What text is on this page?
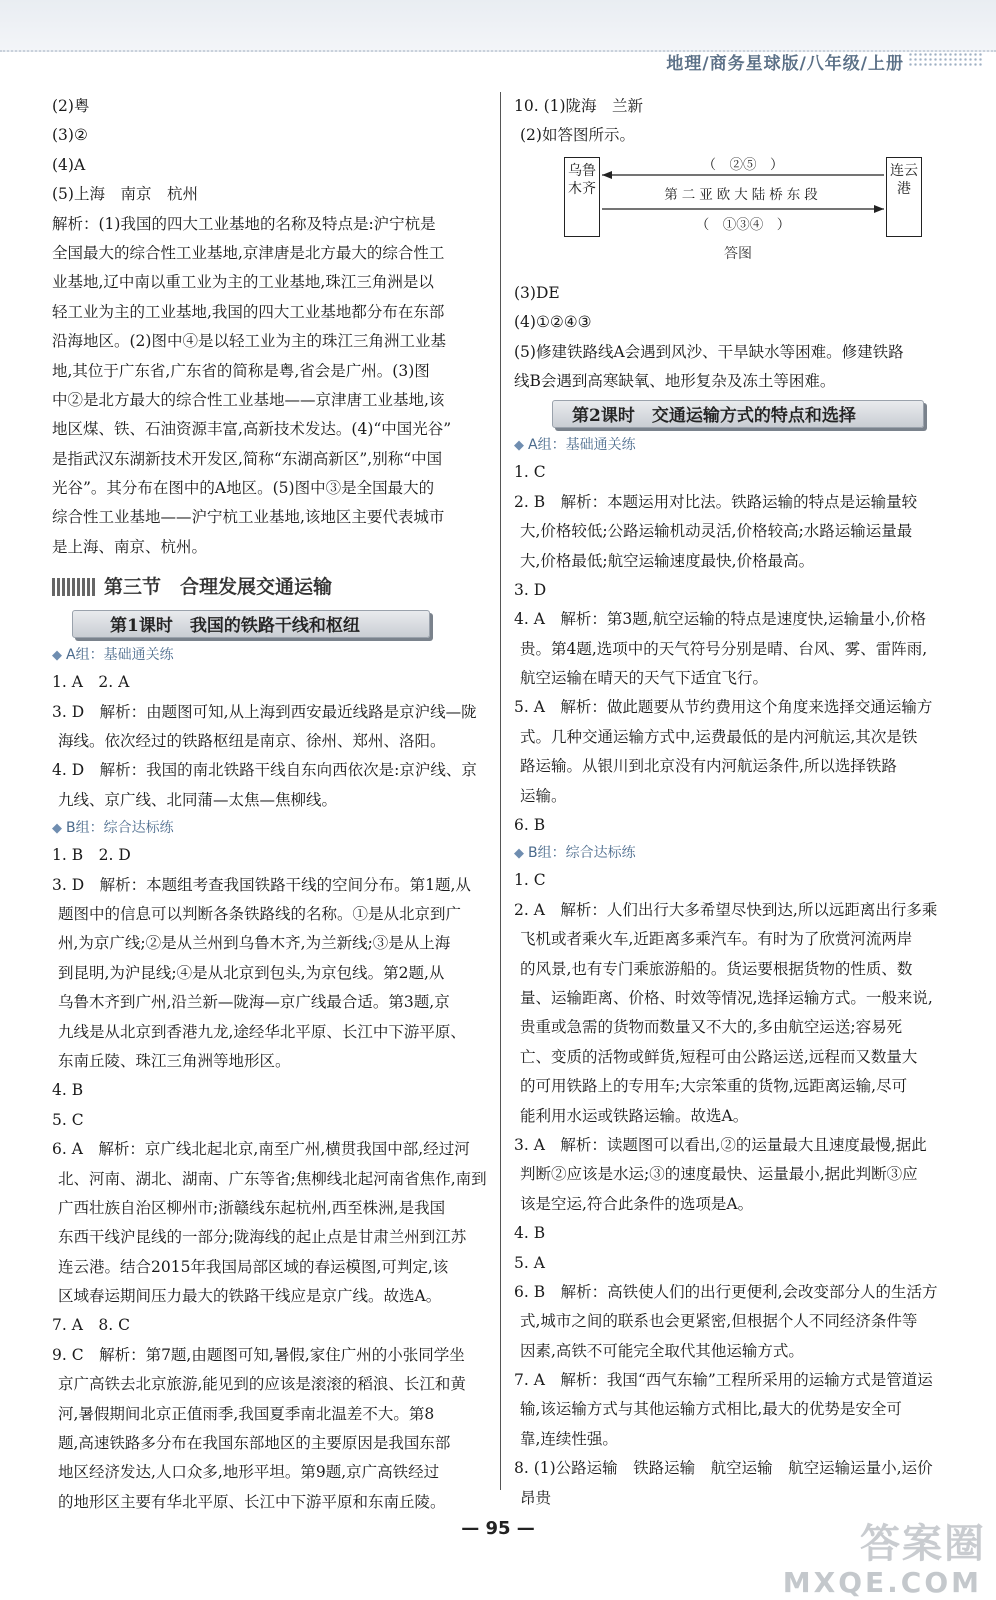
地理/商务星球版/八年级/上册
(2)粤
(3)②
(4)A
(5)上海　南京　杭州
解析：(1)我国的四大工业基地的名称及特点是:沪宁杭是
全国最大的综合性工业基地,京津唐是北方最大的综合性工
业基地,辽中南以重工业为主的工业基地,珠江三角洲是以
轻工业为主的工业基地,我国的四大工业基地都分布在东部
沿海地区。(2)图中④是以轻工业为主的珠江三角洲工业基
地,其位于广东省,广东省的简称是粤,省会是广州。(3)图
中②是北方最大的综合性工业基地——京津唐工业基地,该
地区煤、铁、石油资源丰富,高新技术发达。(4)“中国光谷”
是指武汉东湖新技术开发区,简称“东湖高新区”,别称“中国
光谷”。其分布在图中的A地区。(5)图中③是全国最大的
综合性工业基地——沪宁杭工业基地,该地区主要代表城市
是上海、南京、杭州。
第三节　合理发展交通运输
第1课时　我国的铁路干线和枢纽
◆ A组：基础通关练
1. A　2. A
3. D　解析：由题图可知,从上海到西安最近线路是京沪线—陇
海线。依次经过的铁路枢纽是南京、徐州、郑州、洛阳。
4. D　解析：我国的南北铁路干线自东向西依次是:京沪线、京
九线、京广线、北同蒲—太焦—焦柳线。
◆ B组：综合达标练
1. B　2. D
3. D　解析：本题组考查我国铁路干线的空间分布。第1题,从
题图中的信息可以判断各条铁路线的名称。①是从北京到广
州,为京广线;②是从兰州到乌鲁木齐,为兰新线;③是从上海
到昆明,为沪昆线;④是从北京到包头,为京包线。第2题,从
乌鲁木齐到广州,沿兰新—陇海—京广线最合适。第3题,京
九线是从北京到香港九龙,途经华北平原、长江中下游平原、
东南丘陵、珠江三角洲等地形区。
4. B
5. C
6. A　解析：京广线北起北京,南至广州,横贯我国中部,经过河
北、河南、湖北、湖南、广东等省;焦柳线北起河南省焦作,南到
广西壮族自治区柳州市;浙赣线东起杭州,西至株洲,是我国
东西干线沪昆线的一部分;陇海线的起止点是甘肃兰州到江苏
连云港。结合2015年我国局部区域的春运模图,可判定,该
区域春运期间压力最大的铁路干线应是京广线。故选A。
7. A　8. C
9. C　解析：第7题,由题图可知,暑假,家住广州的小张同学坐
京广高铁去北京旅游,能见到的应该是滚滚的稻浪、长江和黄
河,暑假期间北京正值雨季,我国夏季南北温差不大。第8
题,高速铁路多分布在我国东部地区的主要原因是我国东部
地区经济发达,人口众多,地形平坦。第9题,京广高铁经过
的地形区主要有华北平原、长江中下游平原和东南丘陵。
10. (1)陇海　兰新
(2)如答图所示。
乌鲁木齐
连云港
（　②⑤　）
第二亚欧大陆桥东段
（　①③④　）
答图
(3)DE
(4)①②④③
(5)修建铁路线A会遇到风沙、干旱缺水等困难。修建铁路
线B会遇到高寒缺氧、地形复杂及冻土等困难。
第2课时　交通运输方式的特点和选择
◆ A组：基础通关练
1. C
2. B　解析：本题运用对比法。铁路运输的特点是运输量较
大,价格较低;公路运输机动灵活,价格较高;水路运输运量最
大,价格最低;航空运输速度最快,价格最高。
3. D
4. A　解析：第3题,航空运输的特点是速度快,运输量小,价格
贵。第4题,选项中的天气符号分别是晴、台风、雾、雷阵雨,
航空运输在晴天的天气下适宜飞行。
5. A　解析：做此题要从节约费用这个角度来选择交通运输方
式。几种交通运输方式中,运费最低的是内河航运,其次是铁
路运输。从银川到北京没有内河航运条件,所以选择铁路
运输。
6. B
◆ B组：综合达标练
1. C
2. A　解析：人们出行大多希望尽快到达,所以远距离出行多乘
飞机或者乘火车,近距离多乘汽车。有时为了欣赏河流两岸
的风景,也有专门乘旅游船的。货运要根据货物的性质、数
量、运输距离、价格、时效等情况,选择运输方式。一般来说,
贵重或急需的货物而数量又不大的,多由航空运送;容易死
亡、变质的活物或鲜货,短程可由公路运送,远程而又数量大
的可用铁路上的专用车;大宗笨重的货物,远距离运输,尽可
能利用水运或铁路运输。故选A。
3. A　解析：读题图可以看出,②的运量最大且速度最慢,据此
判断②应该是水运;③的速度最快、运量最小,据此判断③应
该是空运,符合此条件的选项是A。
4. B
5. A
6. B　解析：高铁使人们的出行更便利,会改变部分人的生活方
式,城市之间的联系也会更紧密,但根据个人不同经济条件等
因素,高铁不可能完全取代其他运输方式。
7. A　解析：我国“西气东输”工程所采用的运输方式是管道运
输,该运输方式与其他运输方式相比,最大的优势是安全可
靠,连续性强。
8. (1)公路运输　铁路运输　航空运输　航空运输运量小,运价
昂贵
— 95 —	答案圈
MXQE.COM
